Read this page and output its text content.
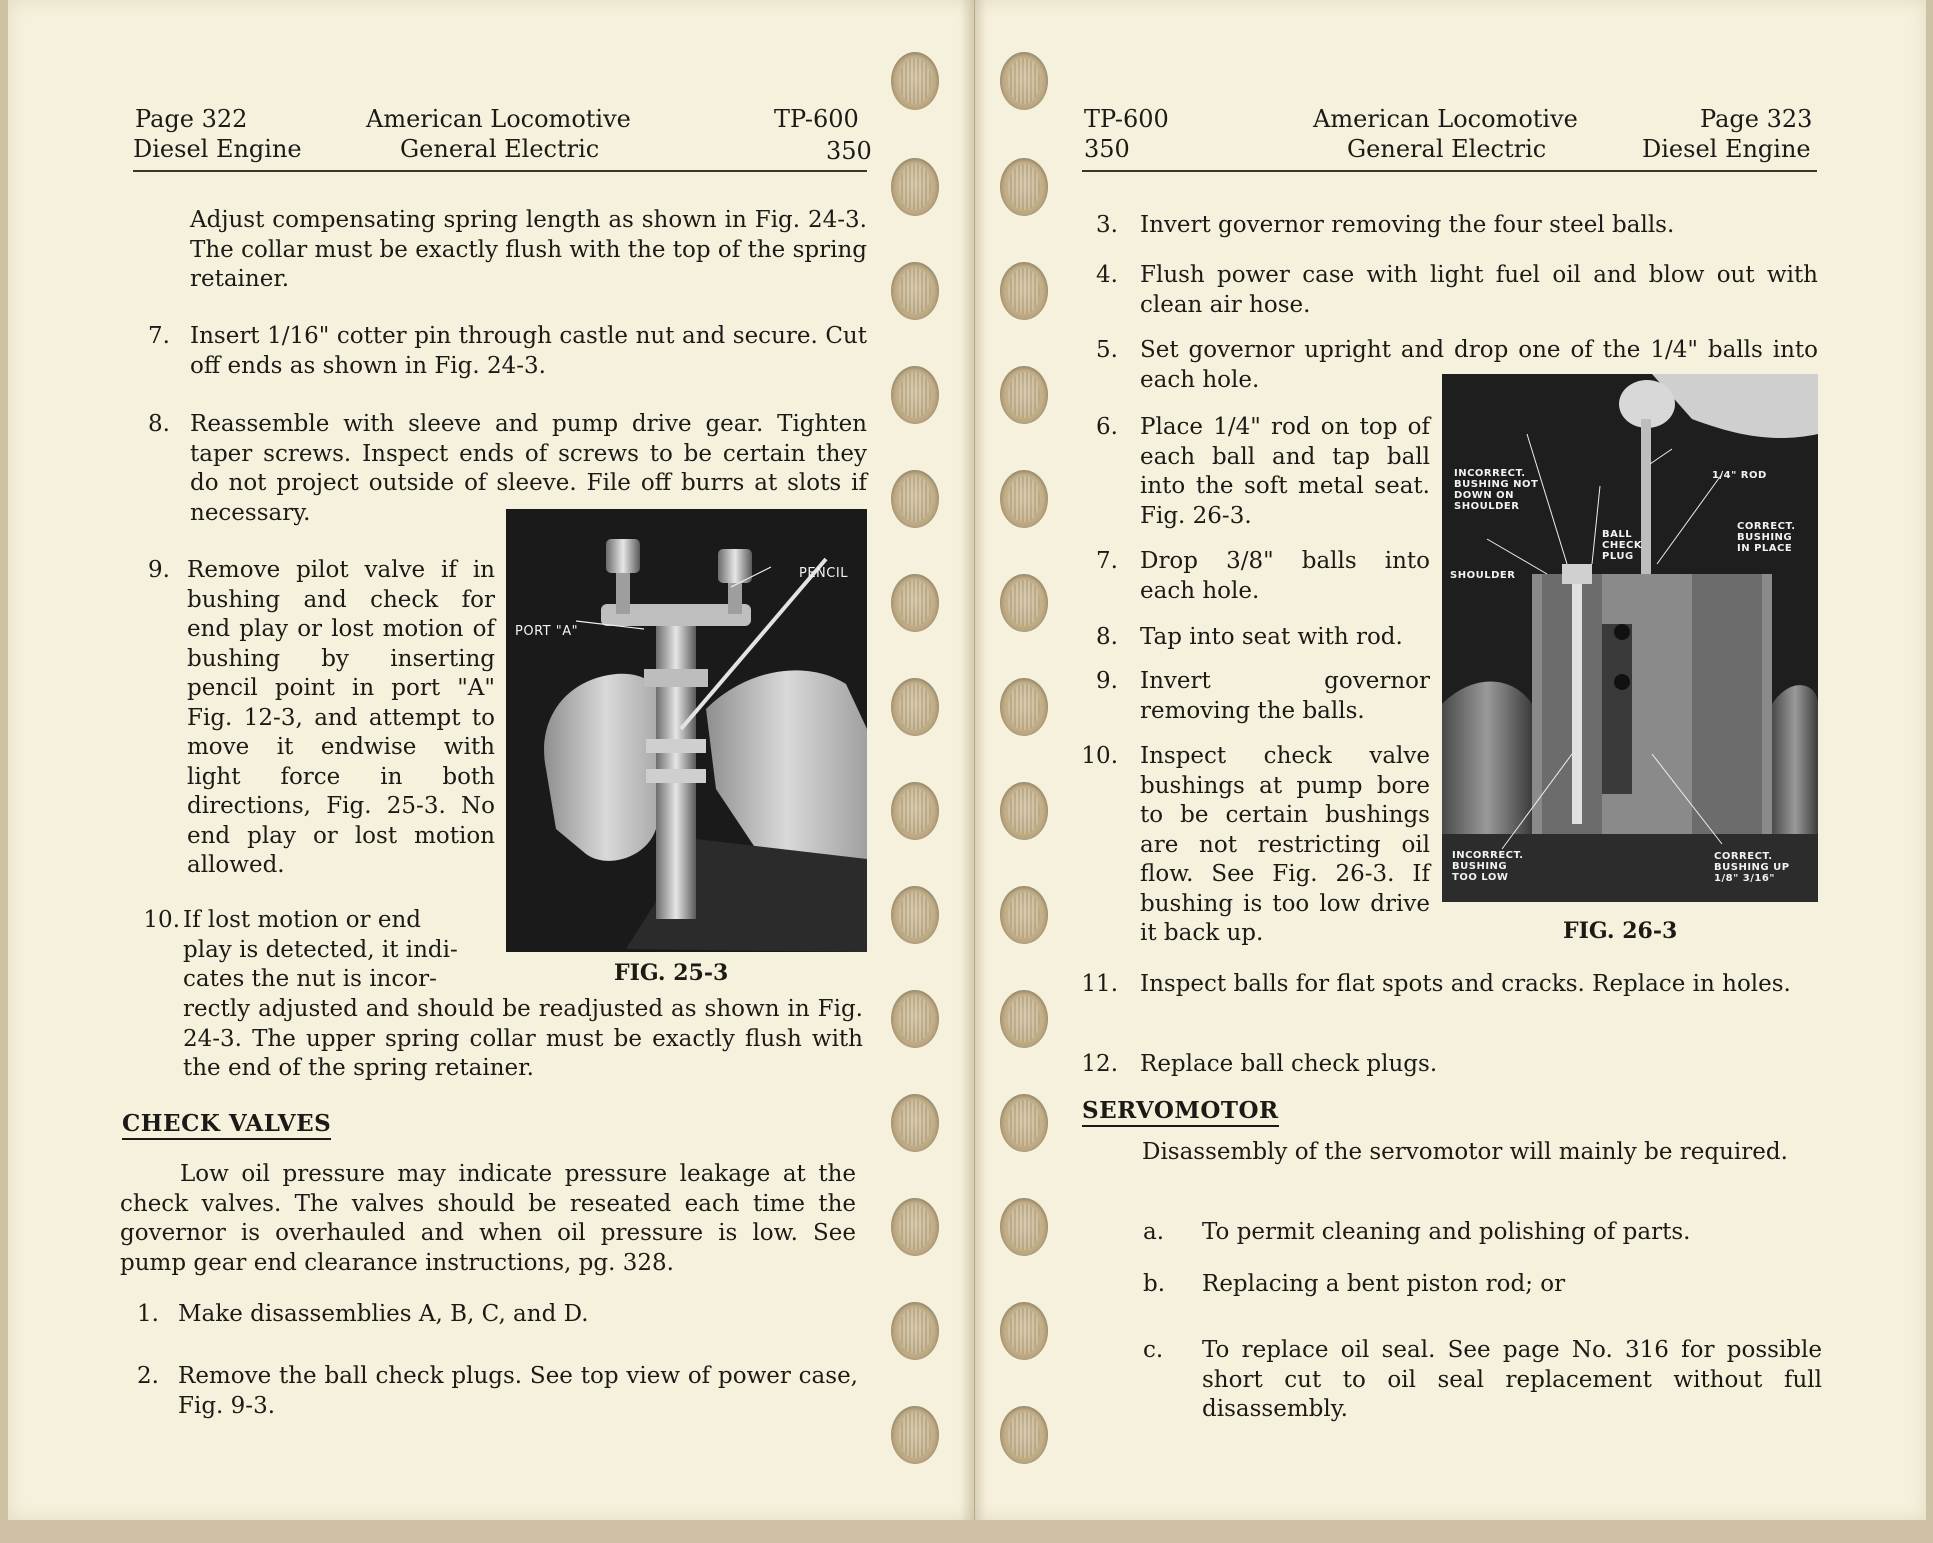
Page 322
Diesel Engine
American Locomotive
General Electric
TP-600
350
Adjust compensating spring length as shown in Fig. 24-3. The collar must be exactly flush with the top of the spring retainer.
7. Insert 1/16" cotter pin through castle nut and secure. Cut off ends as shown in Fig. 24-3.
8. Reassemble with sleeve and pump drive gear. Tighten taper screws. Inspect ends of screws to be certain they do not project outside of sleeve. File off burrs at slots if necessary.

9. Remove pilot valve if in bushing and check for end play or lost motion of bushing by inserting pencil point in port "A" Fig. 12-3, and attempt to move it endwise with light force in both directions, Fig. 25-3. No end play or lost motion allowed.
10. If lost motion or end

play is detected, it indi-

cates the nut is incor-

rectly adjusted and should be readjusted as shown in Fig. 24-3. The upper spring collar must be exactly flush with the end of the spring retainer.
PENCIL
PORT "A"
FIG. 25-3
CHECK VALVES
Low oil pressure may indicate pressure leakage at the check valves. The valves should be reseated each time the governor is overhauled and when oil pressure is low. See pump gear end clearance instructions, pg. 328.
1. Make disassemblies A, B, C, and D.
2. Remove the ball check plugs. See top view of power case, Fig. 9-3.
TP-600
350
American Locomotive
General Electric
Page 323
Diesel Engine
3. Invert governor removing the four steel balls.
4. Flush power case with light fuel oil and blow out with clean air hose.
5. Set governor upright and drop one of the 1/4" balls into each hole.
6. Place 1/4" rod on top of each ball and tap ball into the soft metal seat. Fig. 26-3.
7. Drop 3/8" balls into each hole.
8. Tap into seat with rod.
9. Invert governor removing the balls.
10. Inspect check valve bushings at pump bore to be certain bushings are not restricting oil flow. See Fig. 26-3. If bushing is too low drive it back up.
INCORRECT. BUSHING NOT DOWN ON SHOULDER
1/4" ROD
BALL CHECK PLUG
CORRECT. BUSHING IN PLACE
SHOULDER
INCORRECT. BUSHING TOO LOW
CORRECT. BUSHING UP 1/8" 3/16"
FIG. 26-3
11. Inspect balls for flat spots and cracks. Replace in holes.
12. Replace ball check plugs.
SERVOMOTOR
Disassembly of the servomotor will mainly be required.
a.	To permit cleaning and polishing of parts.
b.	Replacing a bent piston rod; or
c.	To replace oil seal. See page No. 316 for possible short cut to oil seal replacement without full disassembly.
